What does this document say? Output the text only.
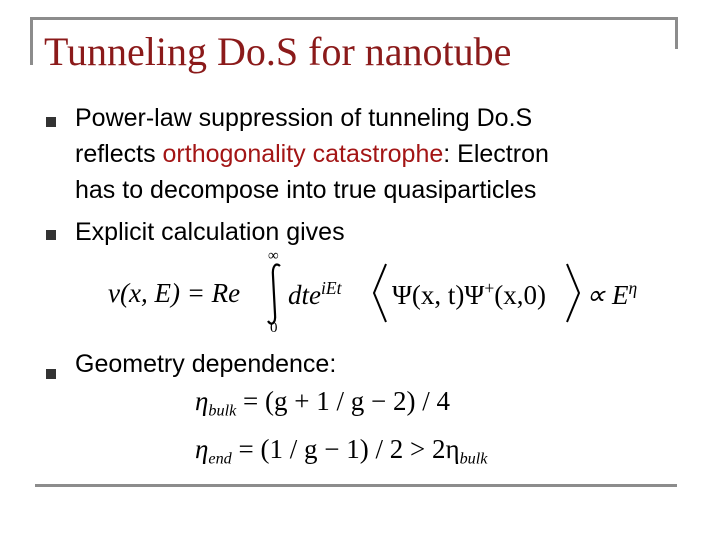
Tunneling Do.S for nanotube
Power-law suppression of tunneling Do.S
reflects orthogonality catastrophe: Electron
has to decompose into true quasiparticles
Explicit calculation gives
ν(x, E) = Re
∞
0
dte$^{iEt}$ Ψ(x, $t)\Psi^+(x,0) \propto E^\eta$
Geometry dependence:
$\eta_{bulk} = (g + 1 / g - 2) / 4$
$\eta_{end} = (1 / g - 1) / 2 > 2\eta_{bulk}$
